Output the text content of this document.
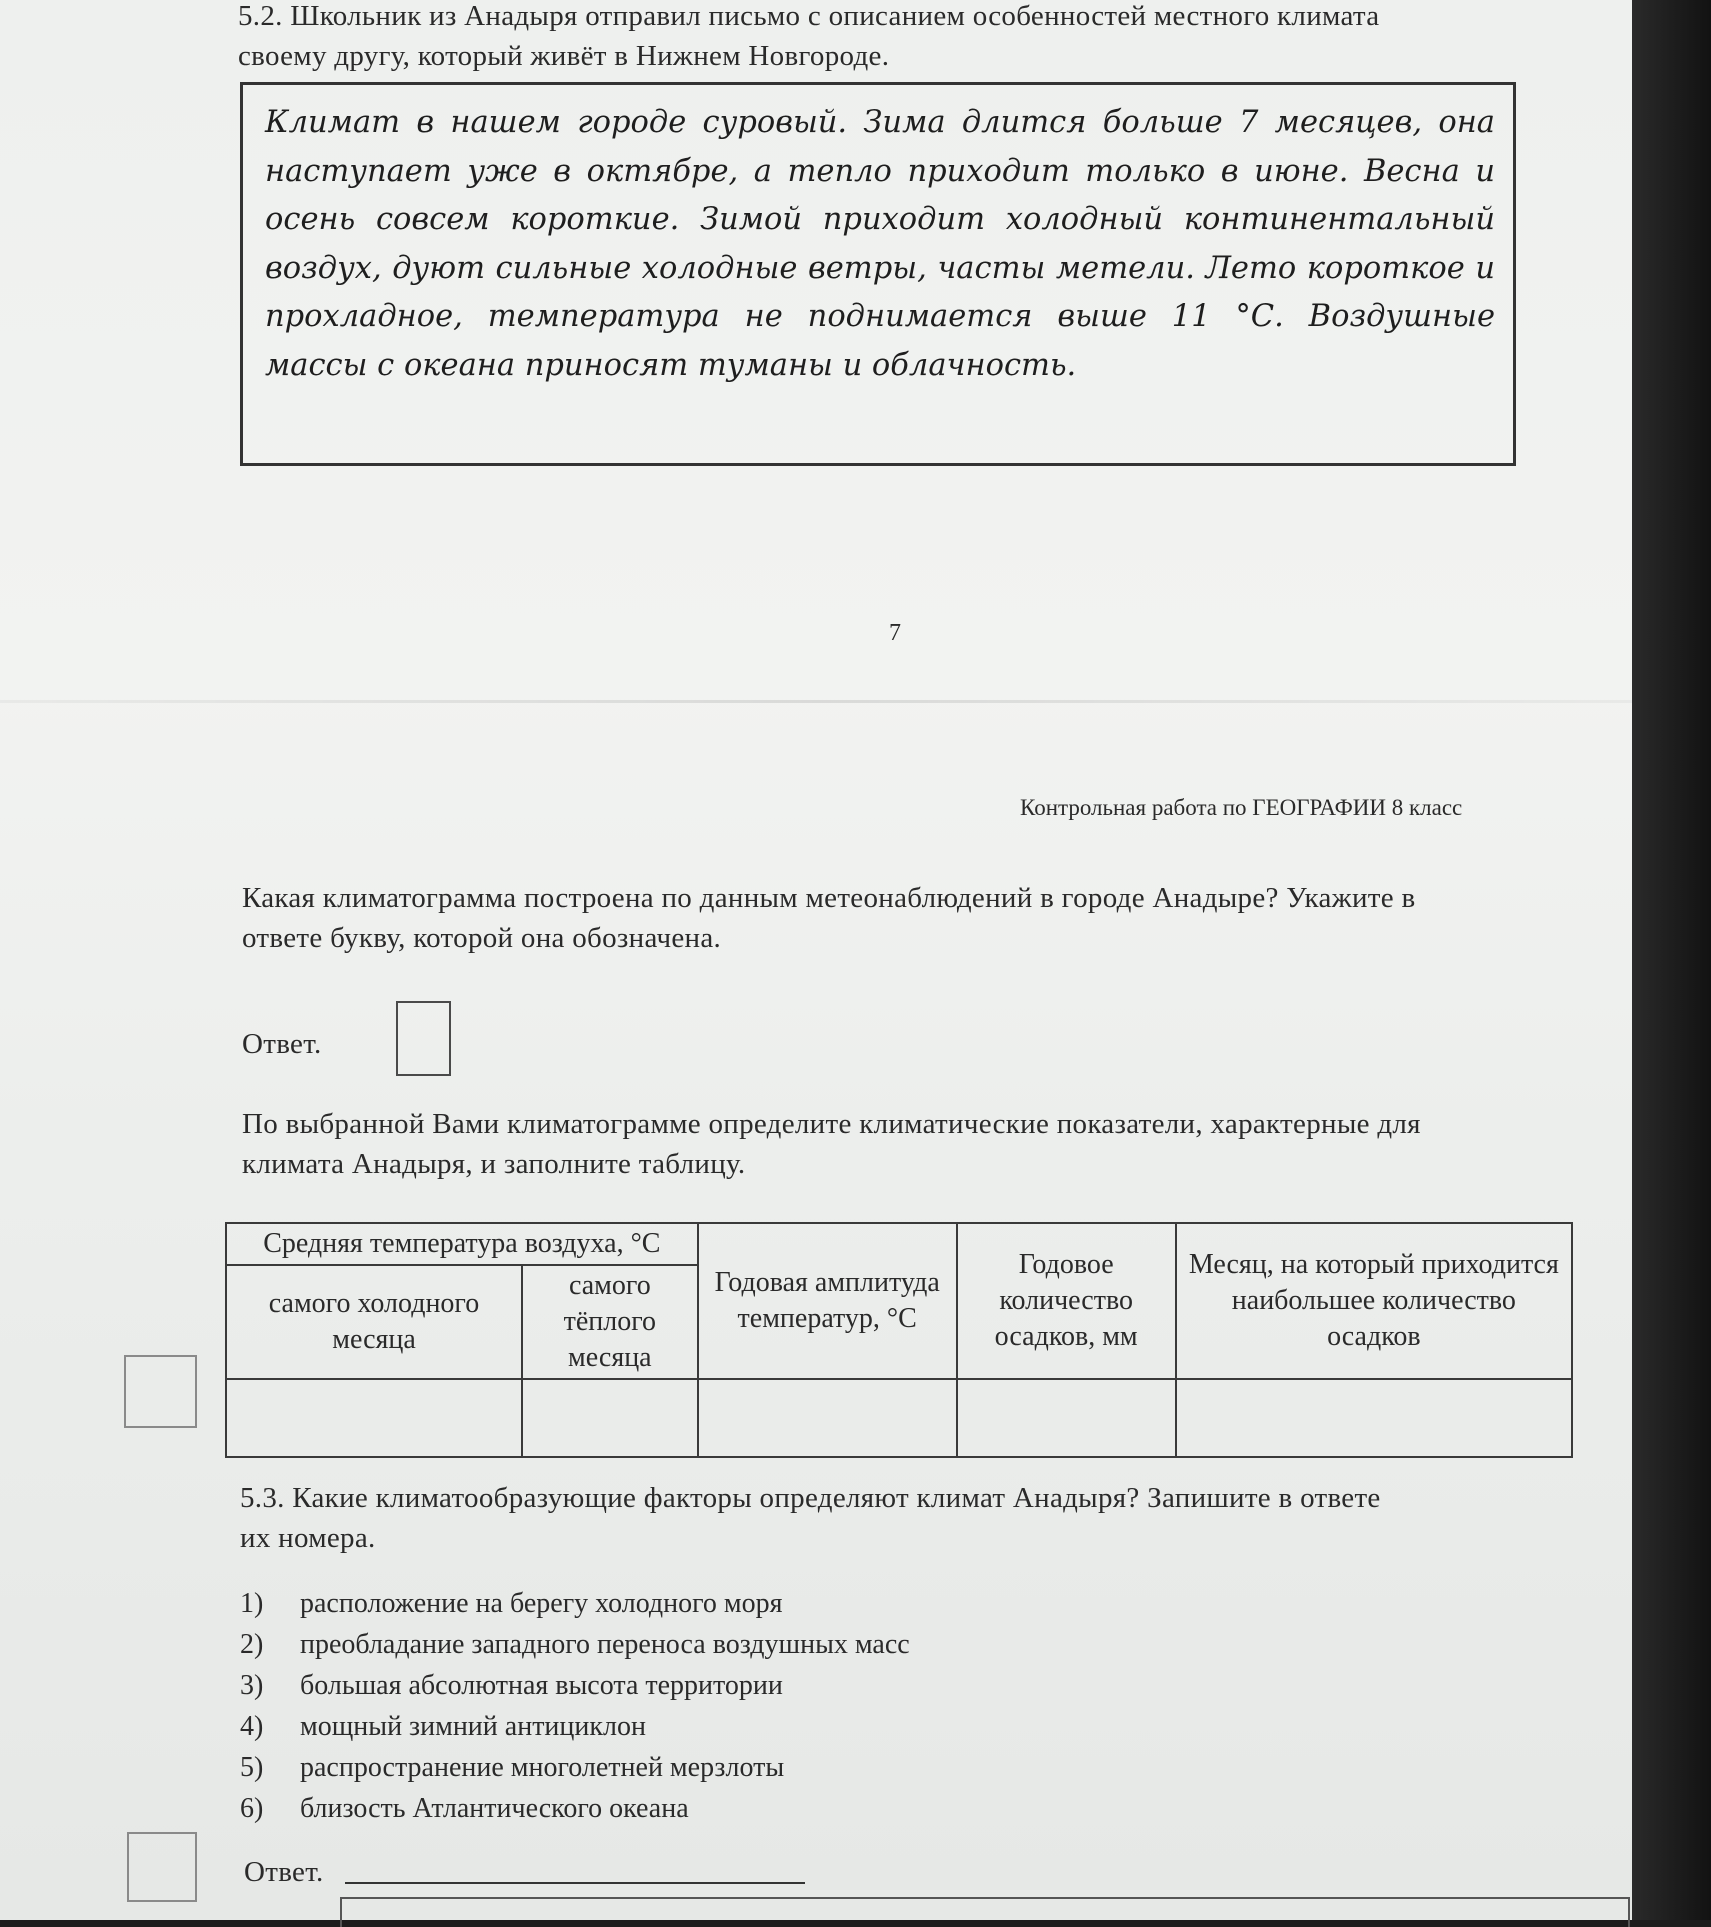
5.2. Школьник из Анадыря отправил письмо с описанием особенностей местного климата
своему другу, который живёт в Нижнем Новгороде.
Климат в нашем городе суровый. Зима длится больше 7 месяцев, она наступает уже в октябре, а тепло приходит только в июне. Весна и осень совсем короткие. Зимой приходит холодный континентальный воздух, дуют сильные холодные ветры, часты метели. Лето короткое и прохладное, температура не поднимается выше 11 °С. Воздушные массы с океана приносят туманы и облачность.
7
Контрольная работа по ГЕОГРАФИИ 8 класс
Какая климатограмма построена по данным метеонаблюдений в городе Анадыре? Укажите в
ответе букву, которой она обозначена.
Ответ.
По выбранной Вами климатограмме определите климатические показатели, характерные для
климата Анадыря, и заполните таблицу.
Средняя температура воздуха, °С		Годовая амплитуда температур, °С	Годовое количество осадков, мм	Месяц, на который приходится наибольшее количество осадков
самого холодного месяца	самого тёплого месяца			

5.3. Какие климатообразующие факторы определяют климат Анадыря? Запишите в ответе
их номера.
1)	расположение на берегу холодного моря
2)	преобладание западного переноса воздушных масс
3)	большая абсолютная высота территории
4)	мощный зимний антициклон
5)	распространение многолетней мерзлоты
6)	близость Атлантического океана
Ответ.
